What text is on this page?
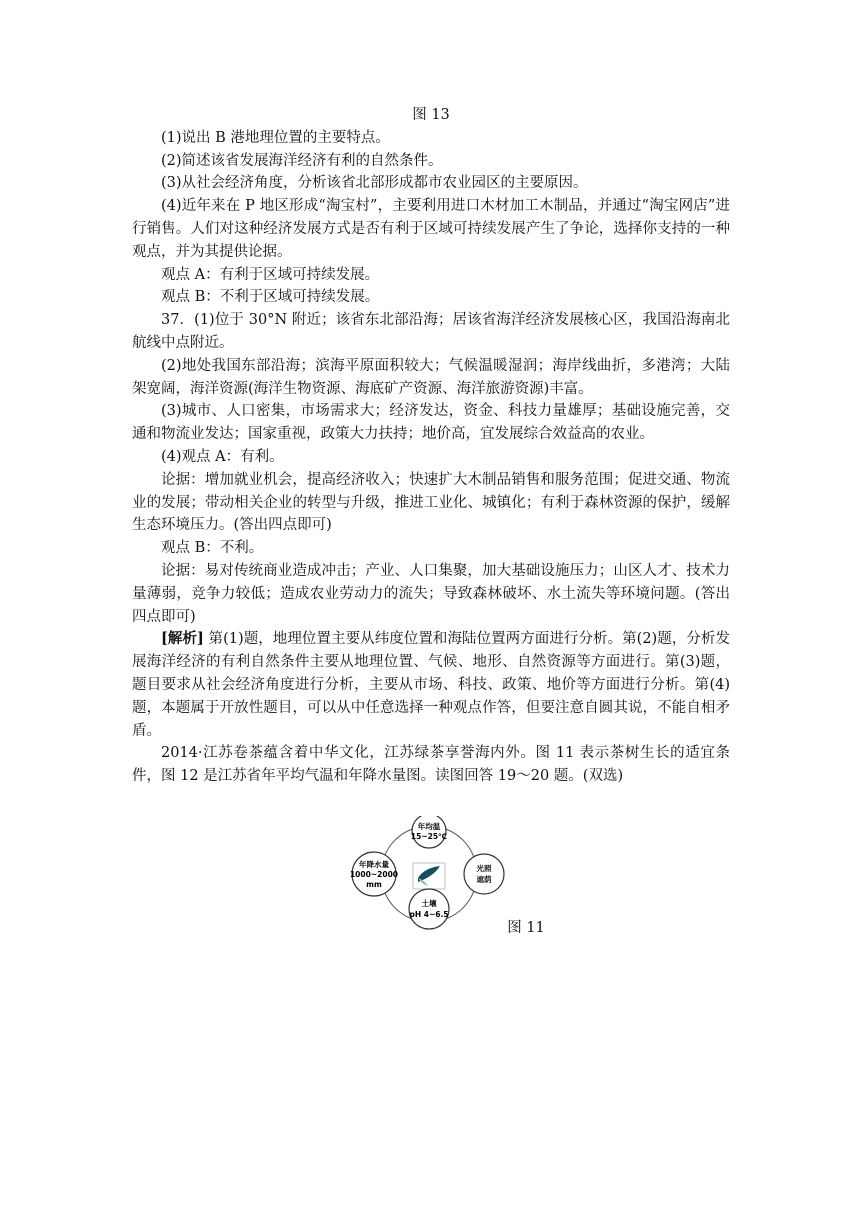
图 13
(1)说出 B 港地理位置的主要特点。
(2)简述该省发展海洋经济有利的自然条件。
(3)从社会经济角度，分析该省北部形成都市农业园区的主要原因。
(4)近年来在 P 地区形成“淘宝村”，主要利用进口木材加工木制品，并通过“淘宝网店”进行销售。人们对这种经济发展方式是否有利于区域可持续发展产生了争论，选择你支持的一种观点，并为其提供论据。
观点 A：有利于区域可持续发展。
观点 B：不利于区域可持续发展。
37．(1)位于 30°N 附近；该省东北部沿海；居该省海洋经济发展核心区，我国沿海南北航线中点附近。
(2)地处我国东部沿海；滨海平原面积较大；气候温暖湿润；海岸线曲折，多港湾；大陆架宽阔，海洋资源(海洋生物资源、海底矿产资源、海洋旅游资源)丰富。
(3)城市、人口密集，市场需求大；经济发达，资金、科技力量雄厚；基础设施完善，交通和物流业发达；国家重视，政策大力扶持；地价高，宜发展综合效益高的农业。
(4)观点 A：有利。
论据：增加就业机会，提高经济收入；快速扩大木制品销售和服务范围；促进交通、物流业的发展；带动相关企业的转型与升级，推进工业化、城镇化；有利于森林资源的保护，缓解生态环境压力。(答出四点即可)
观点 B：不利。
论据：易对传统商业造成冲击；产业、人口集聚，加大基础设施压力；山区人才、技术力量薄弱，竞争力较低；造成农业劳动力的流失；导致森林破坏、水土流失等环境问题。(答出四点即可)
[解析] 第(1)题，地理位置主要从纬度位置和海陆位置两方面进行分析。第(2)题，分析发展海洋经济的有利自然条件主要从地理位置、气候、地形、自然资源等方面进行。第(3)题，题目要求从社会经济角度进行分析，主要从市场、科技、政策、地价等方面进行分析。第(4)题，本题属于开放性题目，可以从中任意选择一种观点作答，但要注意自圆其说，不能自相矛盾。
2014·江苏卷茶蕴含着中华文化，江苏绿茶享誉海内外。图 11 表示茶树生长的适宜条件，图 12 是江苏省年平均气温和年降水量图。读图回答 19～20 题。(双选)
年均温
15~25℃
年降水量
1000~2000
mm
光照
遮荫
土壤
pH 4~6.5
图 11
